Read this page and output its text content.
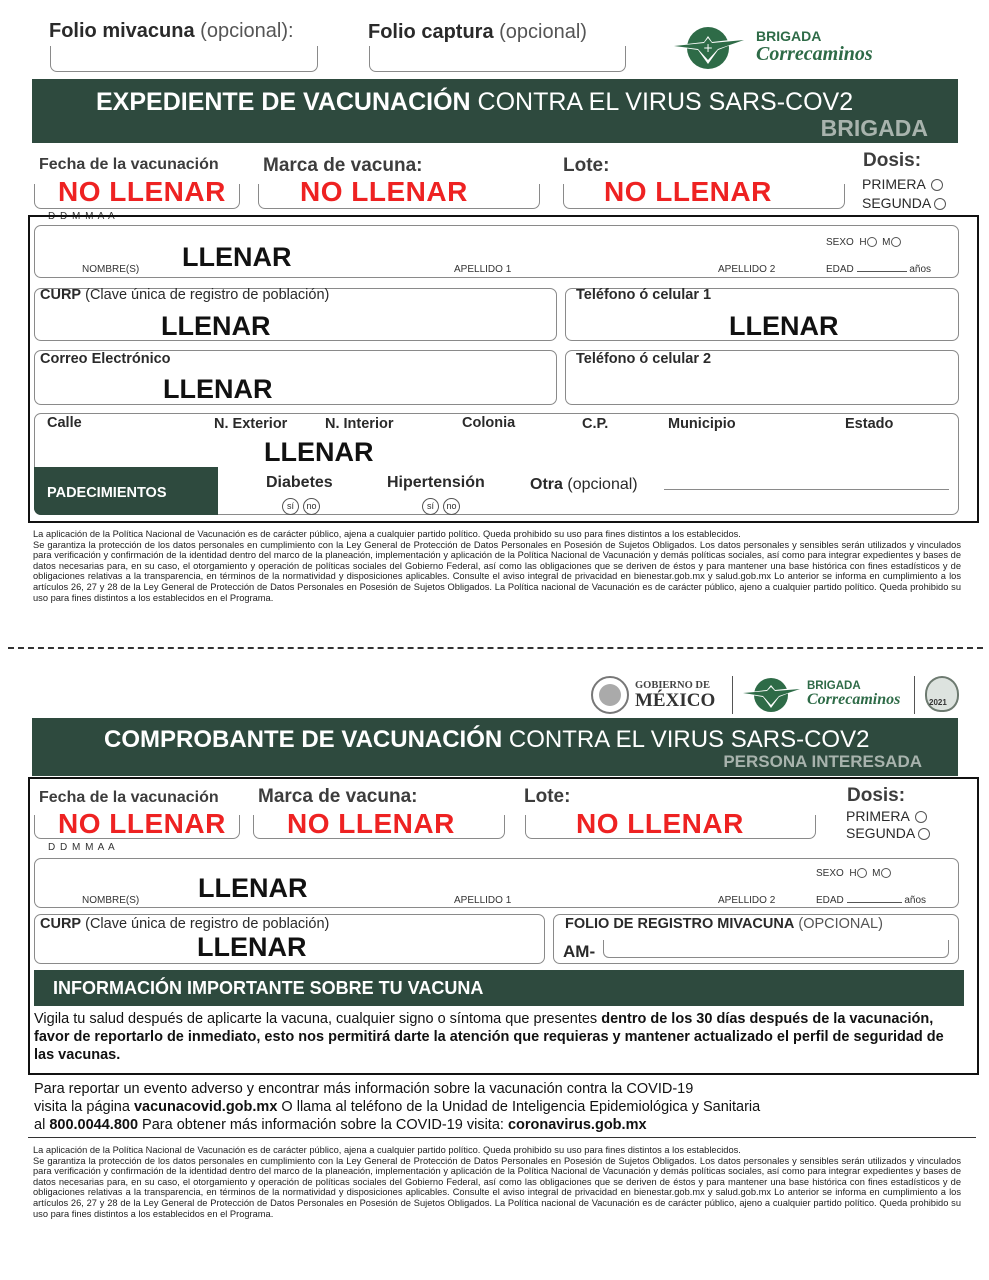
Folio mivacuna (opcional):	Folio captura (opcional)
+
BRIGADA
Correcaminos
EXPEDIENTE DE VACUNACIÓN CONTRA EL VIRUS SARS-COV2
BRIGADA
Fecha de la vacunación
NO LLENAR
D D M M A A
Marca de vacuna:
NO LLENAR
Lote:
NO LLENAR
Dosis:
PRIMERA
SEGUNDA
LLENAR
NOMBRE(S)	APELLIDO 1	APELLIDO 2
SEXO H M
EDAD	años
CURP (Clave única de registro de población)
LLENAR
Teléfono ó celular 1
LLENAR
Correo Electrónico
LLENAR
Teléfono ó celular 2
Calle	N. Exterior	N. Interior	Colonia	C.P.	Municipio	Estado
LLENAR
PADECIMIENTOS
Diabetes
sí no
Hipertensión
sí no
Otra (opcional)
La aplicación de la Política Nacional de Vacunación es de carácter público, ajena a cualquier partido político. Queda prohibido su uso para fines distintos a los establecidos.
Se garantiza la protección de los datos personales en cumplimiento con la Ley General de Protección de Datos Personales en Posesión de Sujetos Obligados. Los datos personales y sensibles serán utilizados y vinculados para verificación y confirmación de la identidad dentro del marco de la planeación, implementación y aplicación de la Política Nacional de Vacunación y demás políticas sociales, así como para integrar expedientes y bases de datos necesarias para, en su caso, el otorgamiento y operación de políticas sociales del Gobierno Federal, así como las obligaciones que se deriven de éstos y para mantener una base histórica con fines estadísticos y de obligaciones relativas a la transparencia, en términos de la normatividad y disposiciones aplicables. Consulte el aviso integral de privacidad en bienestar.gob.mx y salud.gob.mx Lo anterior se informa en cumplimiento a los artículos 26, 27 y 28 de la Ley General de Protección de Datos Personales en Posesión de Sujetos Obligados. La Política nacional de Vacunación es de carácter público, ajeno a cualquier partido político. Queda prohibido su uso para fines distintos a los establecidos en el Programa.
GOBIERNO DE
MÉXICO
BRIGADA
Correcaminos	2021
COMPROBANTE DE VACUNACIÓN CONTRA EL VIRUS SARS-COV2
PERSONA INTERESADA
Fecha de la vacunación
NO LLENAR
D D M M A A
Marca de vacuna:
NO LLENAR
Lote:
NO LLENAR
Dosis:
PRIMERA
SEGUNDA
LLENAR
NOMBRE(S)	APELLIDO 1	APELLIDO 2
SEXO H M
EDAD	años
CURP (Clave única de registro de población)
LLENAR
FOLIO DE REGISTRO MIVACUNA (OPCIONAL)
AM-
INFORMACIÓN IMPORTANTE SOBRE TU VACUNA
Vigila tu salud después de aplicarte la vacuna, cualquier signo o síntoma que presentes dentro de los 30 días después de la vacunación, favor de reportarlo de inmediato, esto nos permitirá darte la atención que requieras y mantener actualizado el perfil de seguridad de las vacunas.
Para reportar un evento adverso y encontrar más información sobre la vacunación contra la COVID-19
visita la página vacunacovid.gob.mx O llama al teléfono de la Unidad de Inteligencia Epidemiológica y Sanitaria
al 800.0044.800 Para obtener más información sobre la COVID-19 visita: coronavirus.gob.mx
La aplicación de la Política Nacional de Vacunación es de carácter público, ajena a cualquier partido político. Queda prohibido su uso para fines distintos a los establecidos.
Se garantiza la protección de los datos personales en cumplimiento con la Ley General de Protección de Datos Personales en Posesión de Sujetos Obligados. Los datos personales y sensibles serán utilizados y vinculados para verificación y confirmación de la identidad dentro del marco de la planeación, implementación y aplicación de la Política Nacional de Vacunación y demás políticas sociales, así como para integrar expedientes y bases de datos necesarias para, en su caso, el otorgamiento y operación de políticas sociales del Gobierno Federal, así como las obligaciones que se deriven de éstos y para mantener una base histórica con fines estadísticos y de obligaciones relativas a la transparencia, en términos de la normatividad y disposiciones aplicables. Consulte el aviso integral de privacidad en bienestar.gob.mx y salud.gob.mx Lo anterior se informa en cumplimiento a los artículos 26, 27 y 28 de la Ley General de Protección de Datos Personales en Posesión de Sujetos Obligados. La Política nacional de Vacunación es de carácter público, ajeno a cualquier partido político. Queda prohibido su uso para fines distintos a los establecidos en el Programa.
